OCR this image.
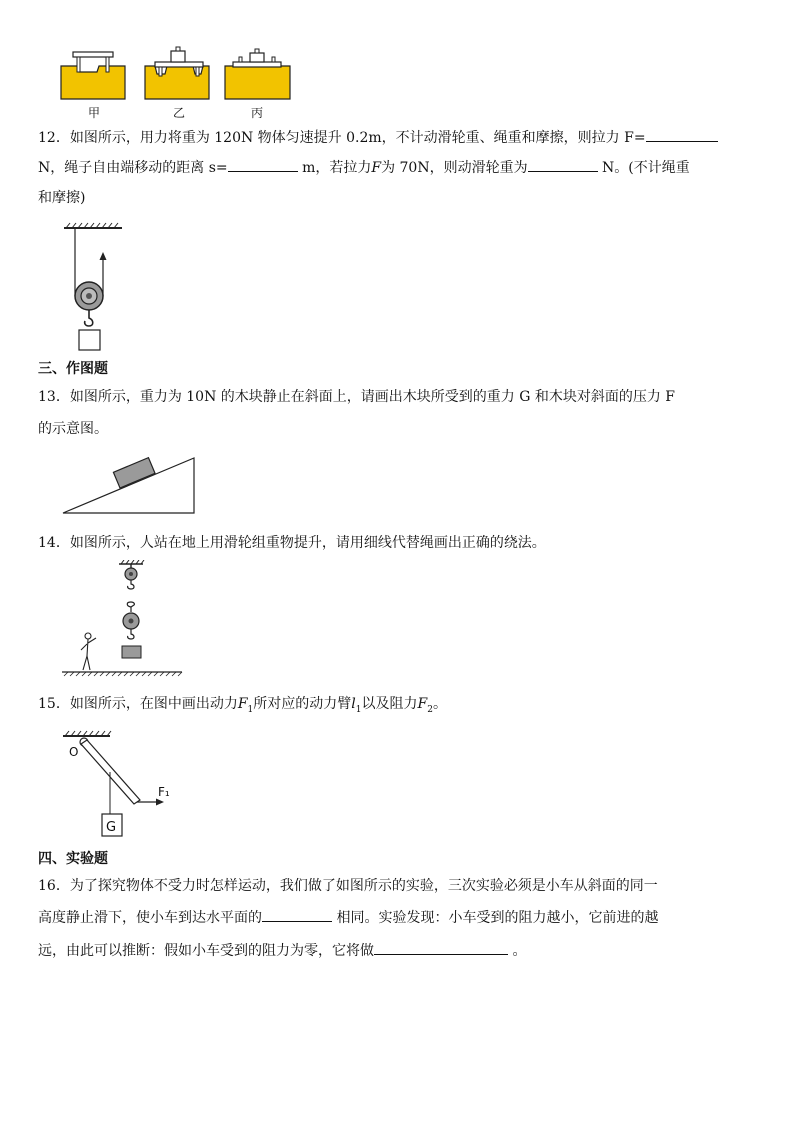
甲	乙	丙
12．如图所示，用力将重为 120N 物体匀速提升 0.2m，不计动滑轮重、绳重和摩擦，则拉力 F=
N，绳子自由端移动的距离 s=	m，若拉力F为 70N，则动滑轮重为	N。(不计绳重
和摩擦)
三、作图题
13．如图所示，重力为 10N 的木块静止在斜面上，请画出木块所受到的重力 G 和木块对斜面的压力 F
的示意图。
14．如图所示，人站在地上用滑轮组重物提升，请用细线代替绳画出正确的绕法。
15．如图所示，在图中画出动力$F_1$所对应的动力臂$l_1$以及阻力$F_2$。
O
F₁
G
四、实验题
16．为了探究物体不受力时怎样运动，我们做了如图所示的实验，三次实验必须是小车从斜面的同一
高度静止滑下，使小车到达水平面的	相同。实验发现：小车受到的阻力越小，它前进的越
远，由此可以推断：假如小车受到的阻力为零，它将做	。
